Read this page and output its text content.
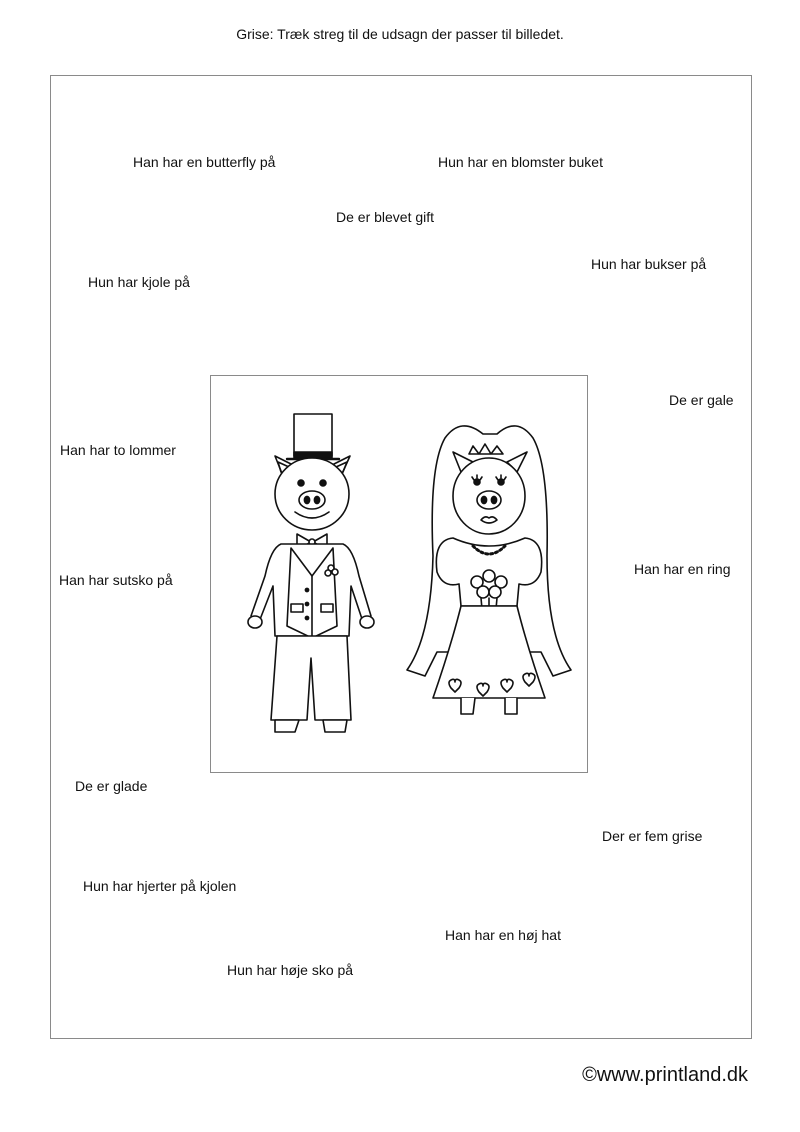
Grise: Træk streg til de udsagn der passer til billedet.
Han har en butterfly på	Hun har en blomster buket
De er blevet gift
Hun har bukser på
Hun har kjole på
De er gale
Han har to lommer
Han har en ring
Han har sutsko på
De er glade
Der er fem grise
Hun har hjerter på kjolen
Han har en høj hat
Hun har høje sko på
©www.printland.dk
